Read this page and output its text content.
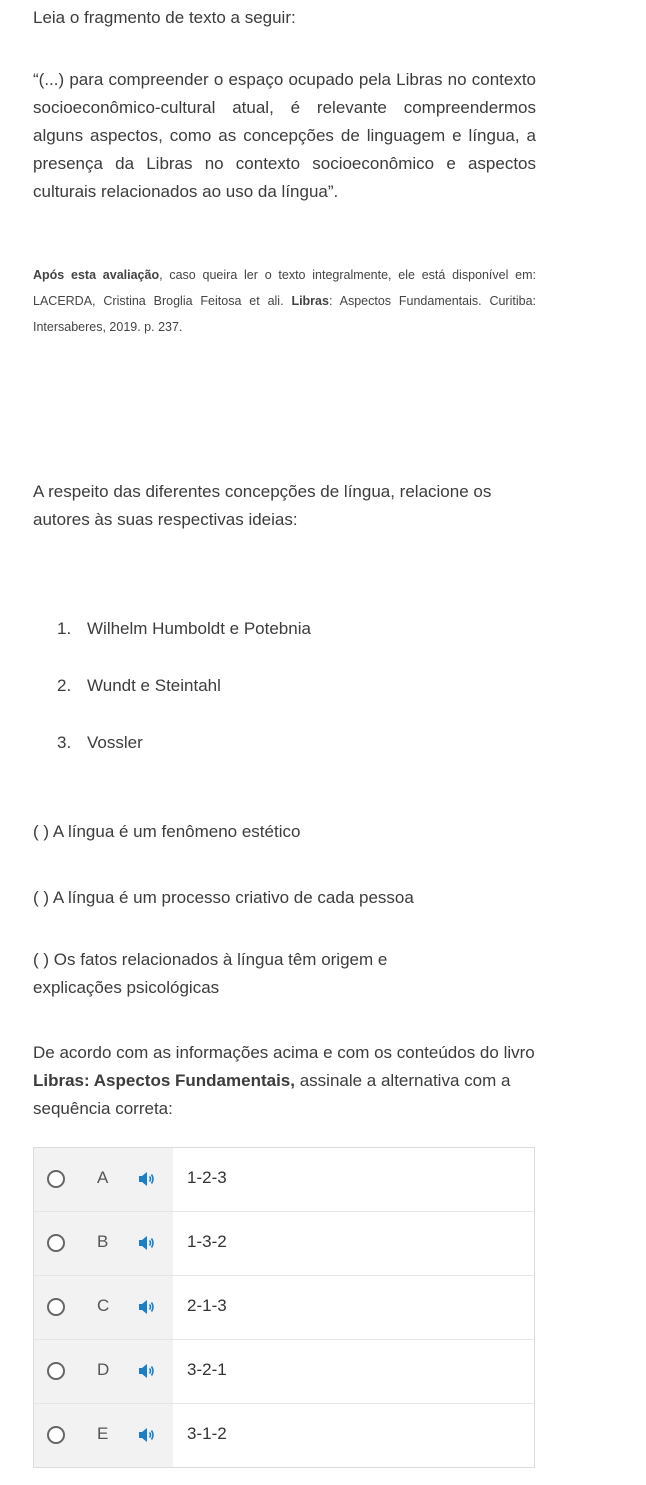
Leia o fragmento de texto a seguir:

“(...) para compreender o espaço ocupado pela Libras no contexto socioeconômico-cultural atual, é relevante compreendermos alguns aspectos, como as concepções de linguagem e língua, a presença da Libras no contexto socioeconômico e aspectos culturais relacionados ao uso da língua”.

Após esta avaliação, caso queira ler o texto integralmente, ele está disponível em: LACERDA, Cristina Broglia Feitosa et ali. Libras: Aspectos Fundamentais. Curitiba: Intersaberes, 2019. p. 237.
A respeito das diferentes concepções de língua, relacione os autores às suas respectivas ideias:
1. Wilhelm Humboldt e Potebnia
2. Wundt e Steintahl
3. Vossler
( ) A língua é um fenômeno estético
( ) A língua é um processo criativo de cada pessoa
( ) Os fatos relacionados à língua têm origem e explicações psicológicas
De acordo com as informações acima e com os conteúdos do livro Libras: Aspectos Fundamentais, assinale a alternativa com a sequência correta:
A	1-2-3
B	1-3-2
C	2-1-3
D	3-2-1
E	3-1-2
